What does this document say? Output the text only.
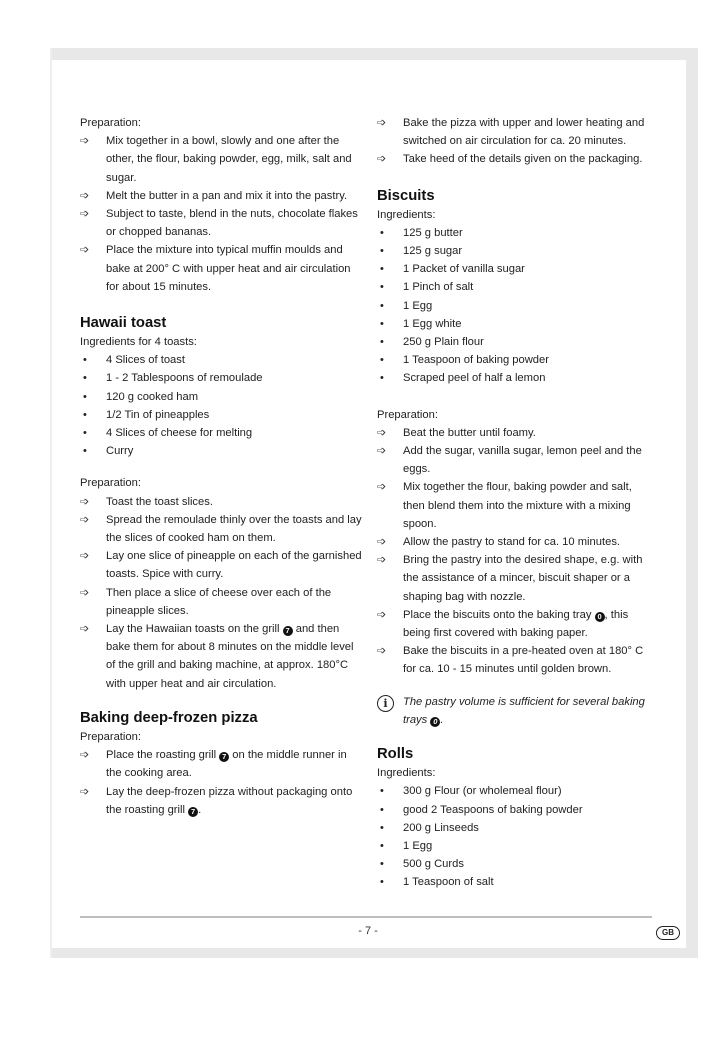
Preparation:

➩ Mix together in a bowl, slowly and one after the other, the flour, baking powder, egg, milk, salt and sugar.
➩ Melt the butter in a pan and mix it into the pastry.
➩ Subject to taste, blend in the nuts, chocolate flakes or chopped bananas.
➩ Place the mixture into typical muffin moulds and bake at 200° C with upper heat and air circulation for about 15 minutes.
Hawaii toast

Ingredients for 4 toasts:

• 4 Slices of toast
• 1 - 2 Tablespoons of remoulade
• 120 g cooked ham
• 1/2 Tin of pineapples
• 4 Slices of cheese for melting
• Curry

Preparation:

➩ Toast the toast slices.
➩ Spread the remoulade thinly over the toasts and lay the slices of cooked ham on them.
➩ Lay one slice of pineapple on each of the garnished toasts. Spice with curry.
➩ Then place a slice of cheese over each of the pineapple slices.
➩ Lay the Hawaiian toasts on the grill 7 and then bake them for about 8 minutes on the middle level of the grill and baking machine, at approx. 180°C with upper heat and air circulation.
Baking deep-frozen pizza

Preparation:

➩ Place the roasting grill 7 on the middle runner in the cooking area.
➩ Lay the deep-frozen pizza without packaging onto the roasting grill 7 .
➩ Bake the pizza with upper and lower heating and switched on air circulation for ca. 20 minutes.
➩ Take heed of the details given on the packaging.
Biscuits

Ingredients:

• 125 g butter
• 125 g sugar
• 1 Packet of vanilla sugar
• 1 Pinch of salt
• 1 Egg
• 1 Egg white
• 250 g Plain flour
• 1 Teaspoon of baking powder
• Scraped peel of half a lemon

Preparation:

➩ Beat the butter until foamy.
➩ Add the sugar, vanilla sugar, lemon peel and the eggs.
➩ Mix together the flour, baking powder and salt, then blend them into the mixture with a mixing spoon.
➩ Allow the pastry to stand for ca. 10 minutes.
➩ Bring the pastry into the desired shape, e.g. with the assistance of a mincer, biscuit shaper or a shaping bag with nozzle.
➩ Place the biscuits onto the baking tray 0 , this being first covered with baking paper.
➩ Bake the biscuits in a pre-heated oven at 180° C for ca. 10 - 15 minutes until golden brown.
i	The pastry volume is sufficient for several baking trays 0 .
Rolls

Ingredients:

• 300 g Flour (or wholemeal flour)
• good 2 Teaspoons of baking powder
• 200 g Linseeds
• 1 Egg
• 500 g Curds
• 1 Teaspoon of salt
- 7 -	GB
